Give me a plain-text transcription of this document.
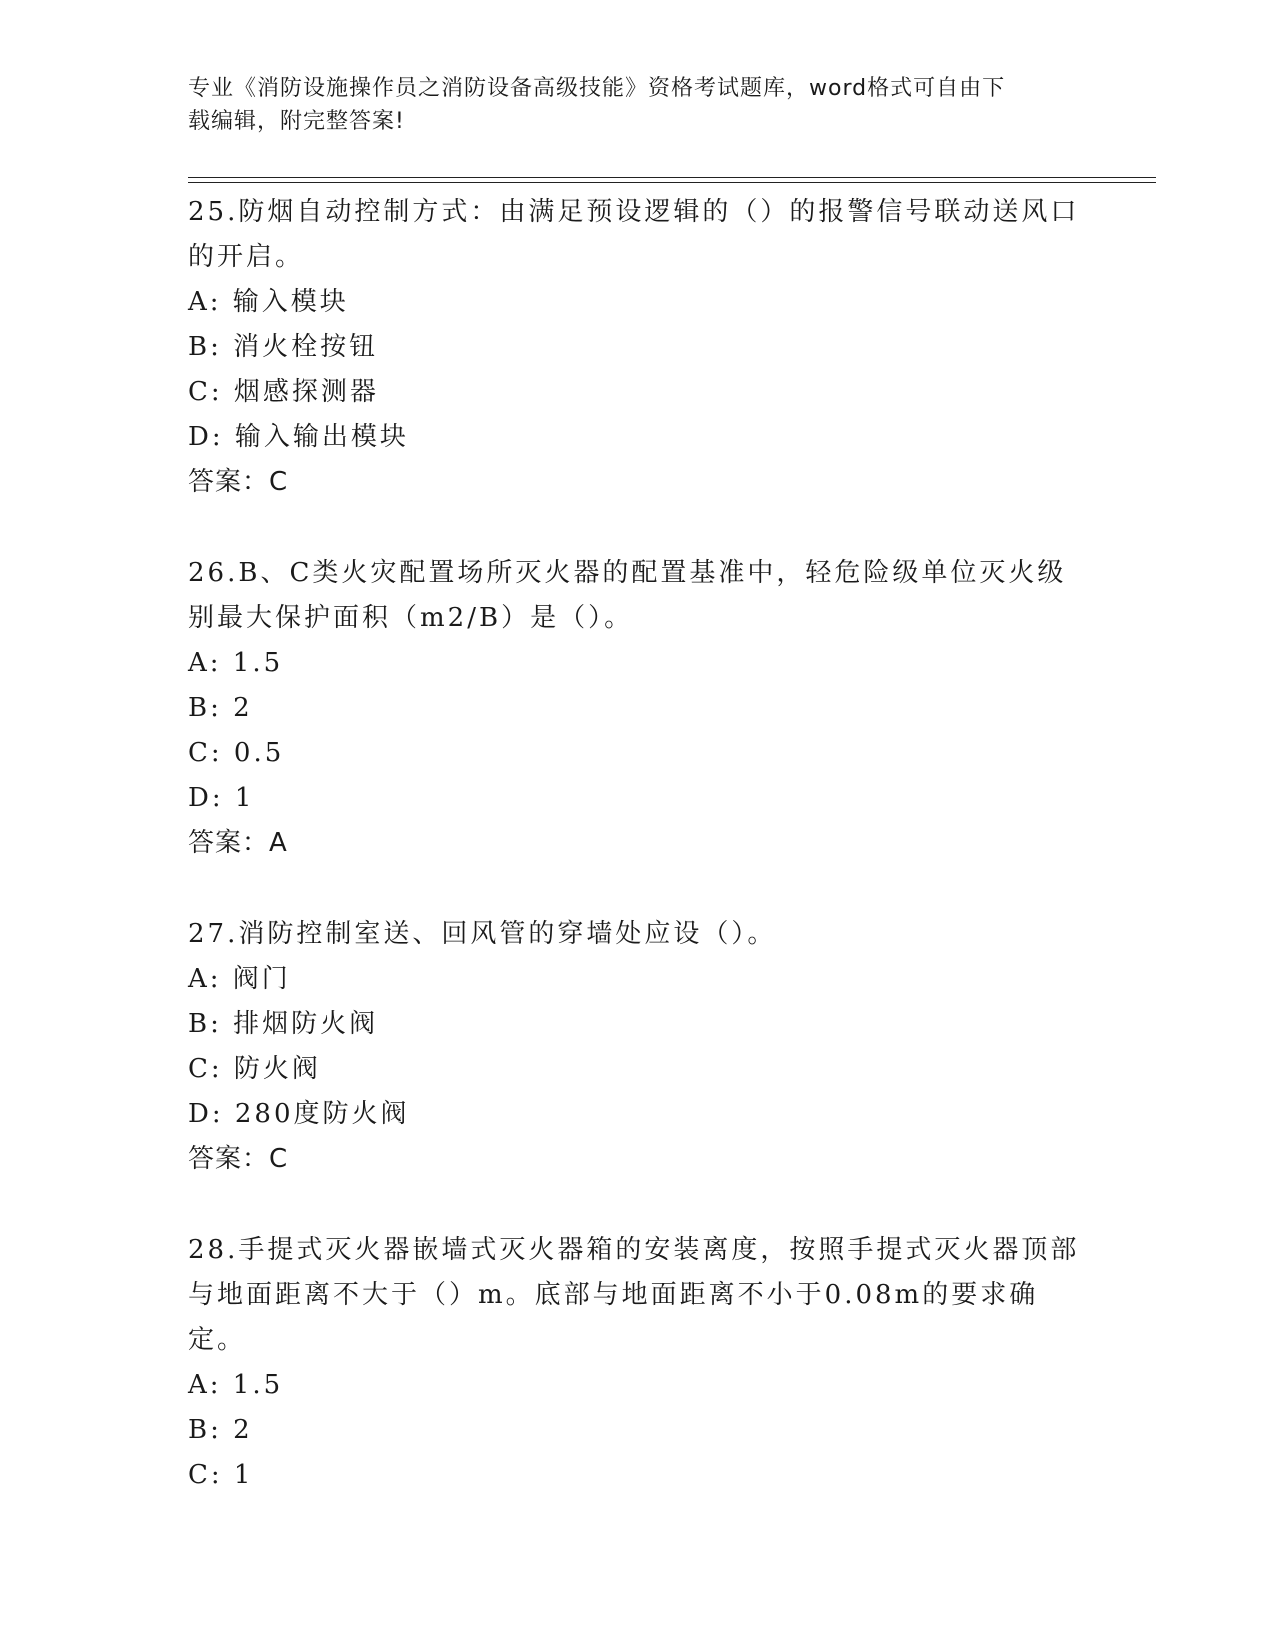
专业《消防设施操作员之消防设备高级技能》资格考试题库，word格式可自由下
载编辑，附完整答案!
25.防烟自动控制方式：由满足预设逻辑的（）的报警信号联动送风口的开启。
A: 输入模块
B: 消火栓按钮
C: 烟感探测器
D: 输入输出模块
答案：C
26.B、C类火灾配置场所灭火器的配置基准中，轻危险级单位灭火级别最大保护面积（m2/B）是（）。
A: 1.5
B: 2
C: 0.5
D: 1
答案：A
27.消防控制室送、回风管的穿墙处应设（）。
A: 阀门
B: 排烟防火阀
C: 防火阀
D: 280度防火阀
答案：C
28.手提式灭火器嵌墙式灭火器箱的安装离度，按照手提式灭火器顶部与地面距离不大于（）m。底部与地面距离不小于0.08m的要求确定。
A: 1.5
B: 2
C: 1
